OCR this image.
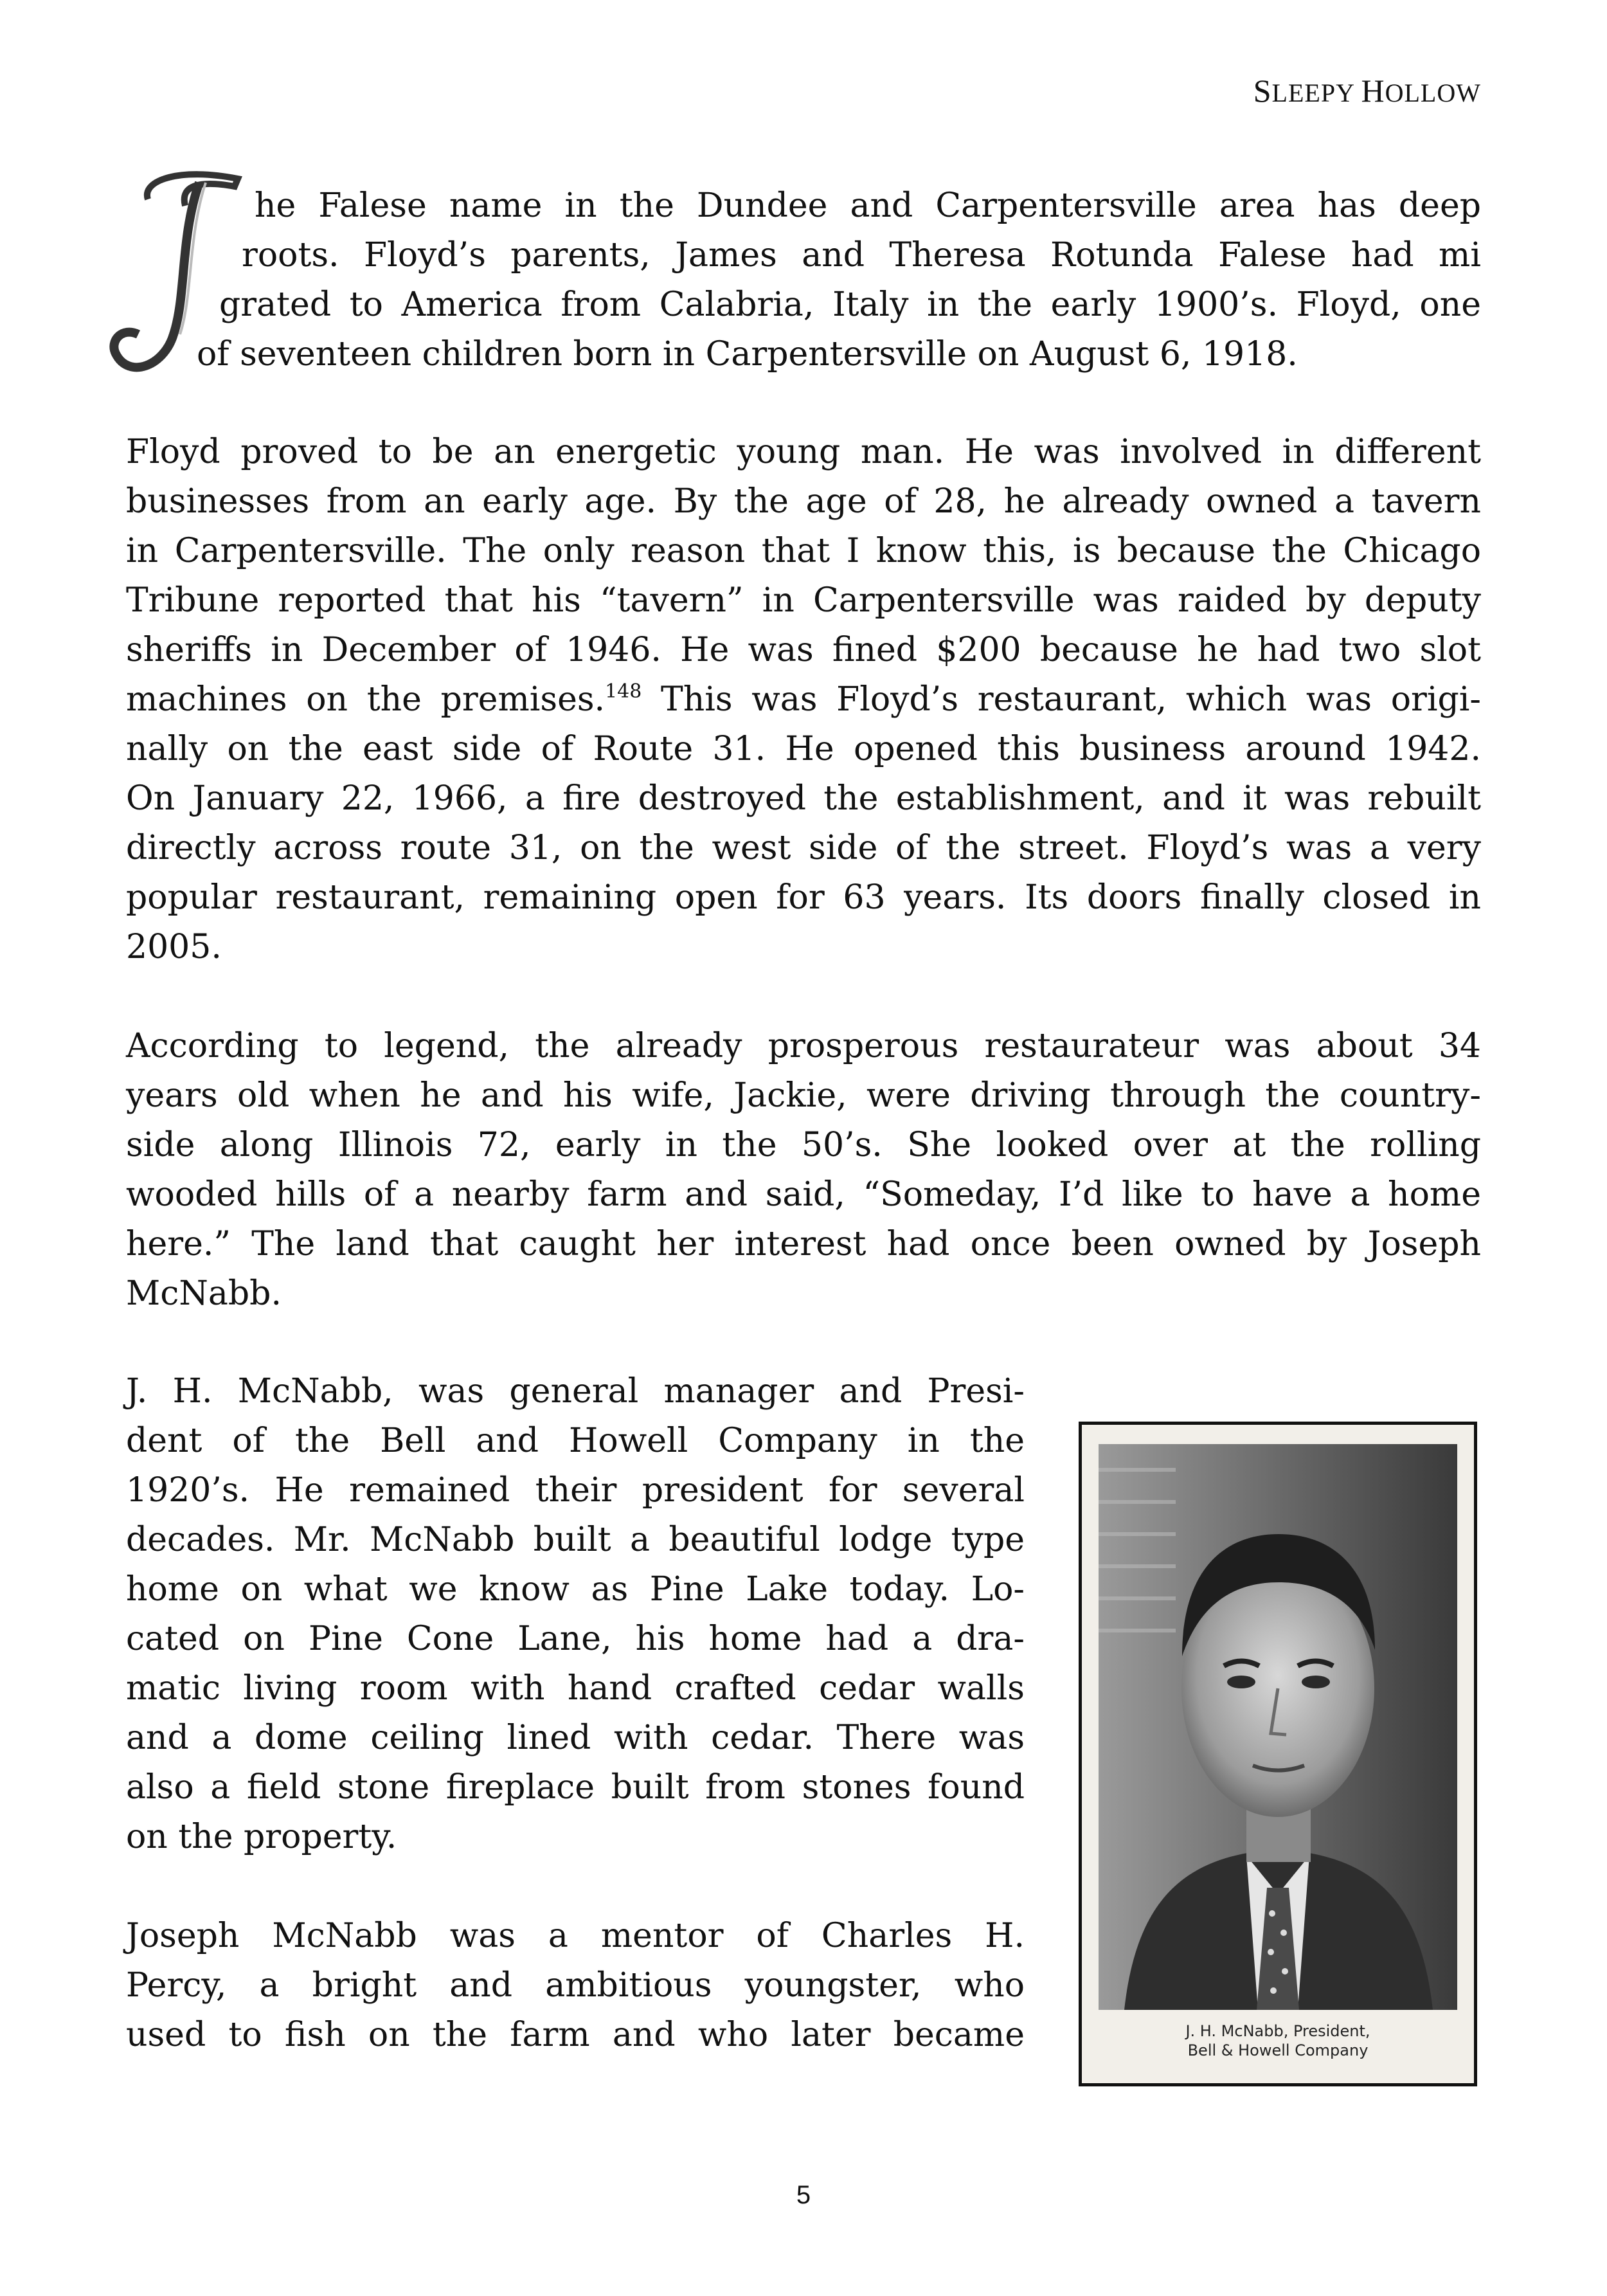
SLEEPY HOLLOW
he Falese name in the Dundee and Carpentersville area has deep
roots. Floyd’s parents, James and Theresa Rotunda Falese had mi
grated to America from Calabria, Italy in the early 1900’s. Floyd, one
of seventeen children born in Carpentersville on August 6, 1918.
Floyd proved to be an energetic young man. He was involved in different
businesses from an early age. By the age of 28, he already owned a tavern
in Carpentersville. The only reason that I know this, is because the Chicago
Tribune reported that his “tavern” in Carpentersville was raided by deputy
sheriffs in December of 1946. He was fined $200 because he had two slot
machines on the premises.$^{148}$ This was Floyd’s restaurant, which was origi-
nally on the east side of Route 31. He opened this business around 1942.
On January 22, 1966, a fire destroyed the establishment, and it was rebuilt
directly across route 31, on the west side of the street. Floyd’s was a very
popular restaurant, remaining open for 63 years. Its doors finally closed in
2005.
According to legend, the already prosperous restaurateur was about 34
years old when he and his wife, Jackie, were driving through the country-
side along Illinois 72, early in the 50’s. She looked over at the rolling
wooded hills of a nearby farm and said, “Someday, I’d like to have a home
here.” The land that caught her interest had once been owned by Joseph
McNabb.
J. H. McNabb, was general manager and Presi-
dent of the Bell and Howell Company in the
1920’s. He remained their president for several
decades. Mr. McNabb built a beautiful lodge type
home on what we know as Pine Lake today. Lo-
cated on Pine Cone Lane, his home had a dra-
matic living room with hand crafted cedar walls
and a dome ceiling lined with cedar. There was
also a field stone fireplace built from stones found
on the property.
Joseph McNabb was a mentor of Charles H.
Percy, a bright and ambitious youngster, who
used to fish on the farm and who later became	J. H. McNabb, President,
Bell & Howell Company
5
